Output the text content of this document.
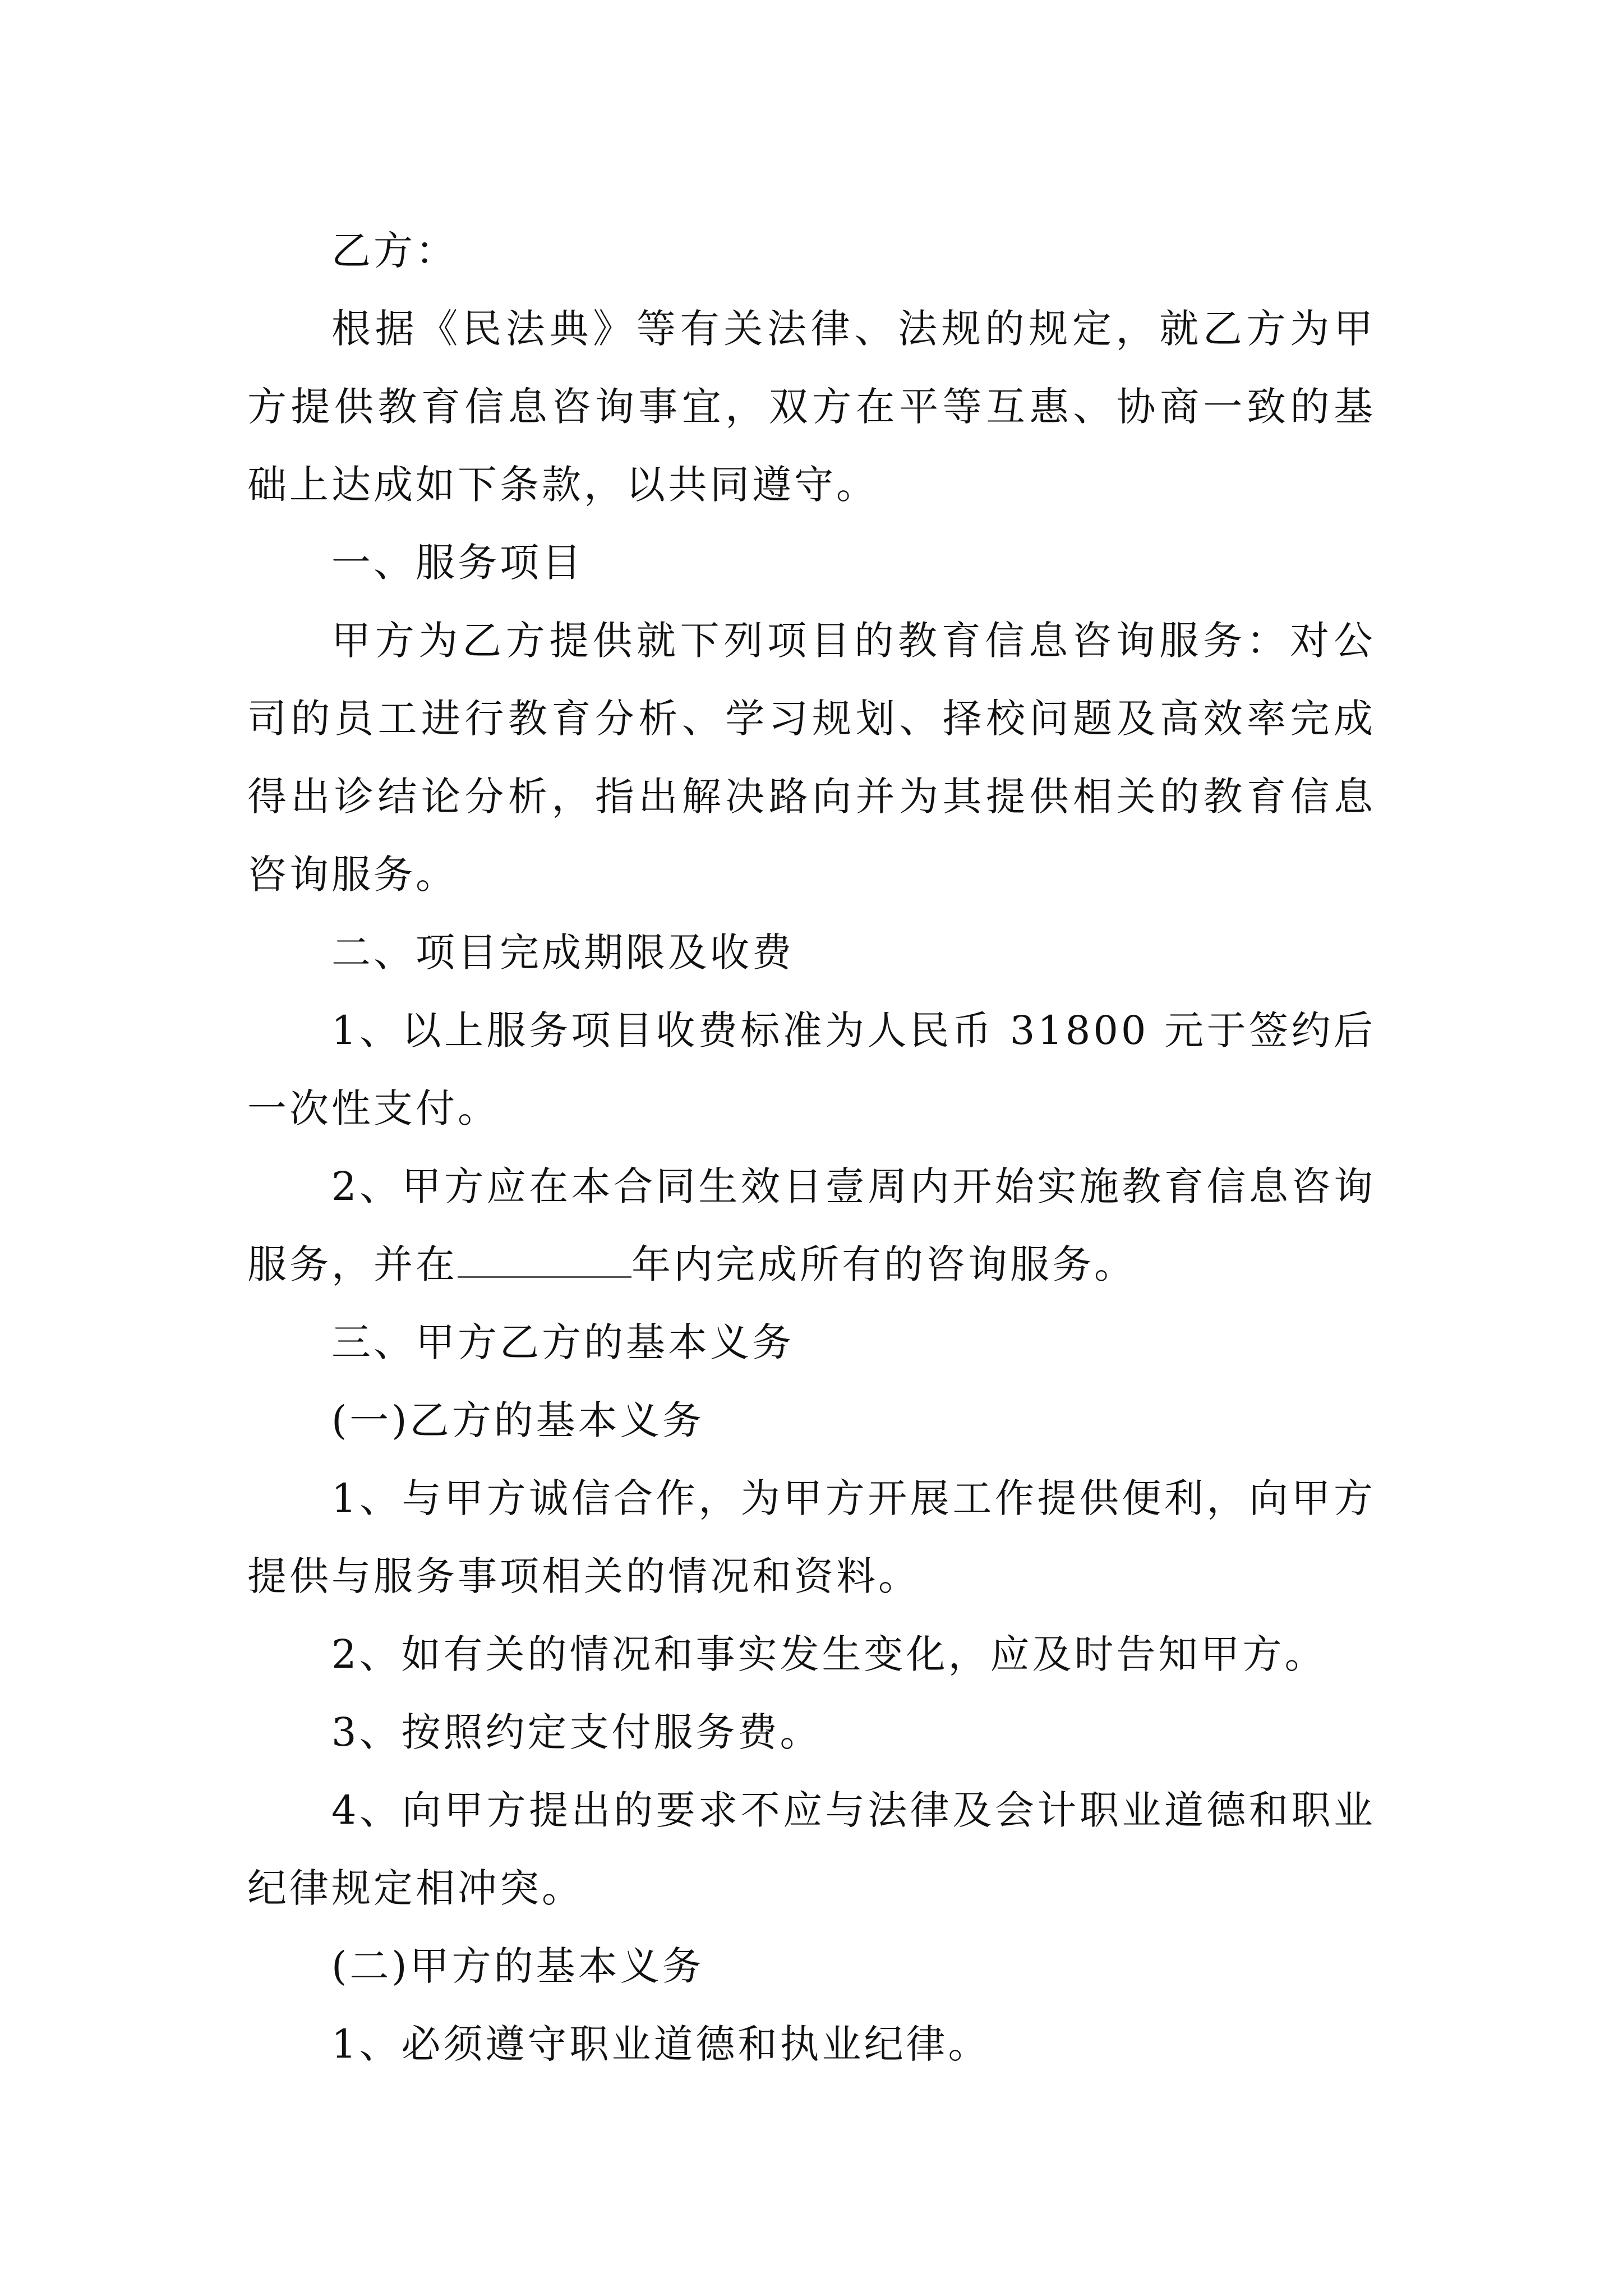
乙方：

根据《民法典》等有关法律、法规的规定，就乙方为甲方提供教育信息咨询事宜，双方在平等互惠、协商一致的基础上达成如下条款，以共同遵守。

一、服务项目

甲方为乙方提供就下列项目的教育信息咨询服务：对公司的员工进行教育分析、学习规划、择校问题及高效率完成得出诊结论分析，指出解决路向并为其提供相关的教育信息咨询服务。

二、项目完成期限及收费

1、以上服务项目收费标准为人民币 31800 元于签约后一次性支付。

2、甲方应在本合同生效日壹周内开始实施教育信息咨询服务，并在	年内完成所有的咨询服务。

三、甲方乙方的基本义务

(一)乙方的基本义务

1、与甲方诚信合作，为甲方开展工作提供便利，向甲方提供与服务事项相关的情况和资料。

2、如有关的情况和事实发生变化，应及时告知甲方。

3、按照约定支付服务费。

4、向甲方提出的要求不应与法律及会计职业道德和职业纪律规定相冲突。

(二)甲方的基本义务

1、必须遵守职业道德和执业纪律。
